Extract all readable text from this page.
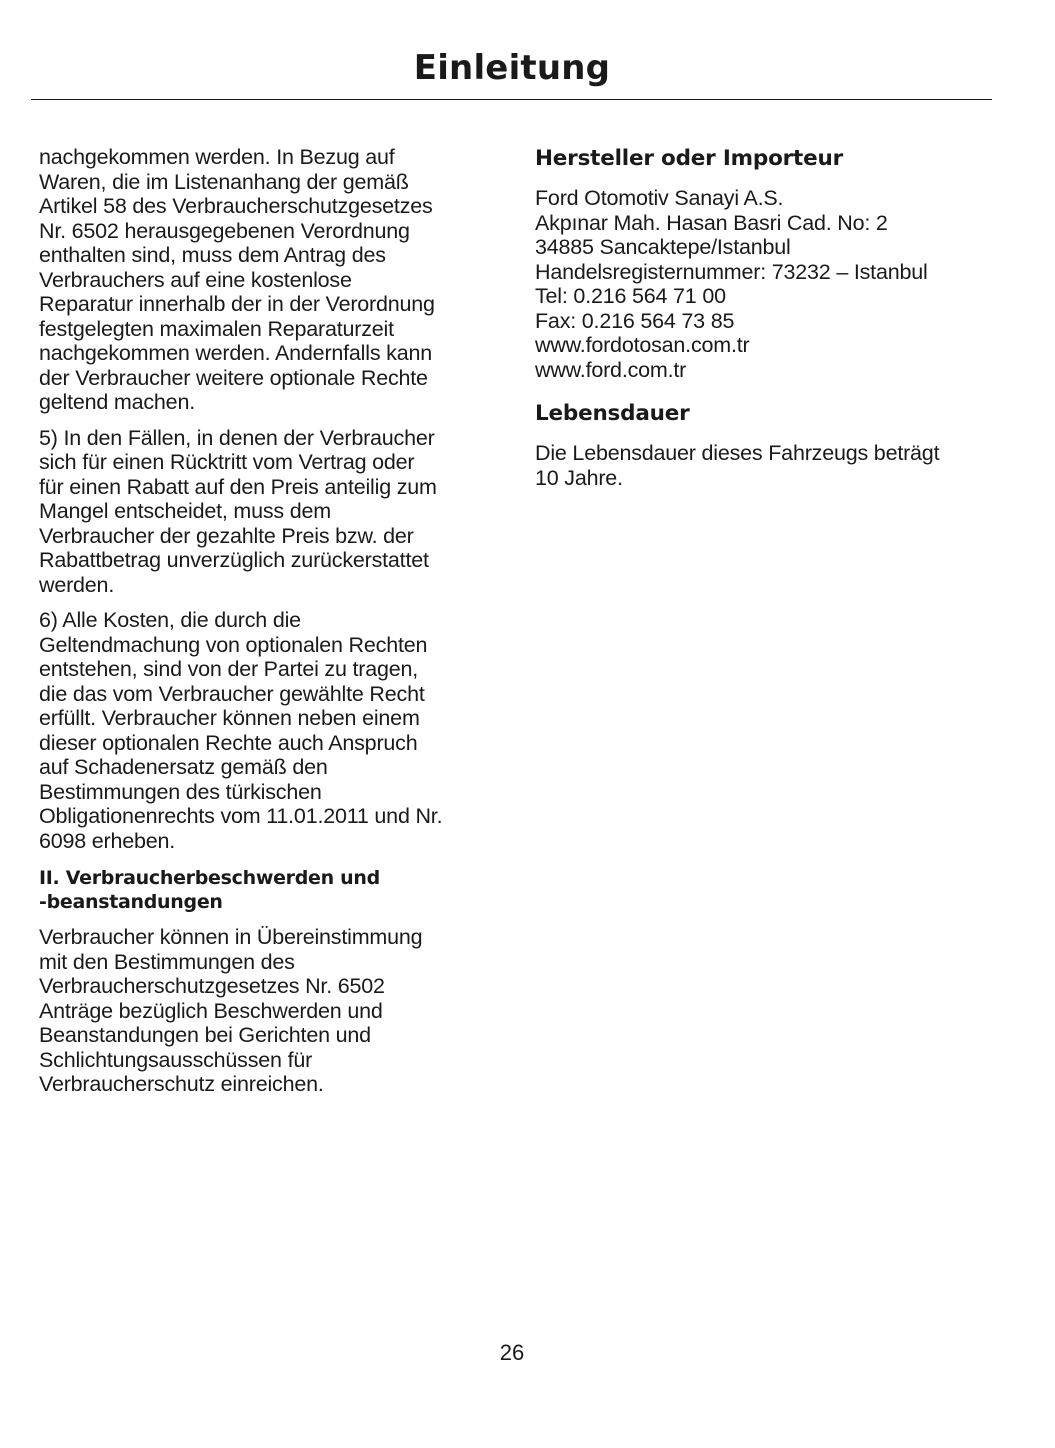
Einleitung

nachgekommen werden. In Bezug auf
Waren, die im Listenanhang der gemäß
Artikel 58 des Verbraucherschutzgesetzes
Nr. 6502 herausgegebenen Verordnung
enthalten sind, muss dem Antrag des
Verbrauchers auf eine kostenlose
Reparatur innerhalb der in der Verordnung
festgelegten maximalen Reparaturzeit
nachgekommen werden. Andernfalls kann
der Verbraucher weitere optionale Rechte
geltend machen.

5) In den Fällen, in denen der Verbraucher
sich für einen Rücktritt vom Vertrag oder
für einen Rabatt auf den Preis anteilig zum
Mangel entscheidet, muss dem
Verbraucher der gezahlte Preis bzw. der
Rabattbetrag unverzüglich zurückerstattet
werden.

6) Alle Kosten, die durch die
Geltendmachung von optionalen Rechten
entstehen, sind von der Partei zu tragen,
die das vom Verbraucher gewählte Recht
erfüllt. Verbraucher können neben einem
dieser optionalen Rechte auch Anspruch
auf Schadenersatz gemäß den
Bestimmungen des türkischen
Obligationenrechts vom 11.01.2011 und Nr.
6098 erheben.

II. Verbraucherbeschwerden und
-beanstandungen

Verbraucher können in Übereinstimmung
mit den Bestimmungen des
Verbraucherschutzgesetzes Nr. 6502
Anträge bezüglich Beschwerden und
Beanstandungen bei Gerichten und
Schlichtungsausschüssen für
Verbraucherschutz einreichen.

Hersteller oder Importeur

Ford Otomotiv Sanayi A.S.
Akpınar Mah. Hasan Basri Cad. No: 2
34885 Sancaktepe/Istanbul
Handelsregisternummer: 73232 – Istanbul
Tel: 0.216 564 71 00
Fax: 0.216 564 73 85
www.fordotosan.com.tr
www.ford.com.tr

Lebensdauer

Die Lebensdauer dieses Fahrzeugs beträgt
10 Jahre.

26
